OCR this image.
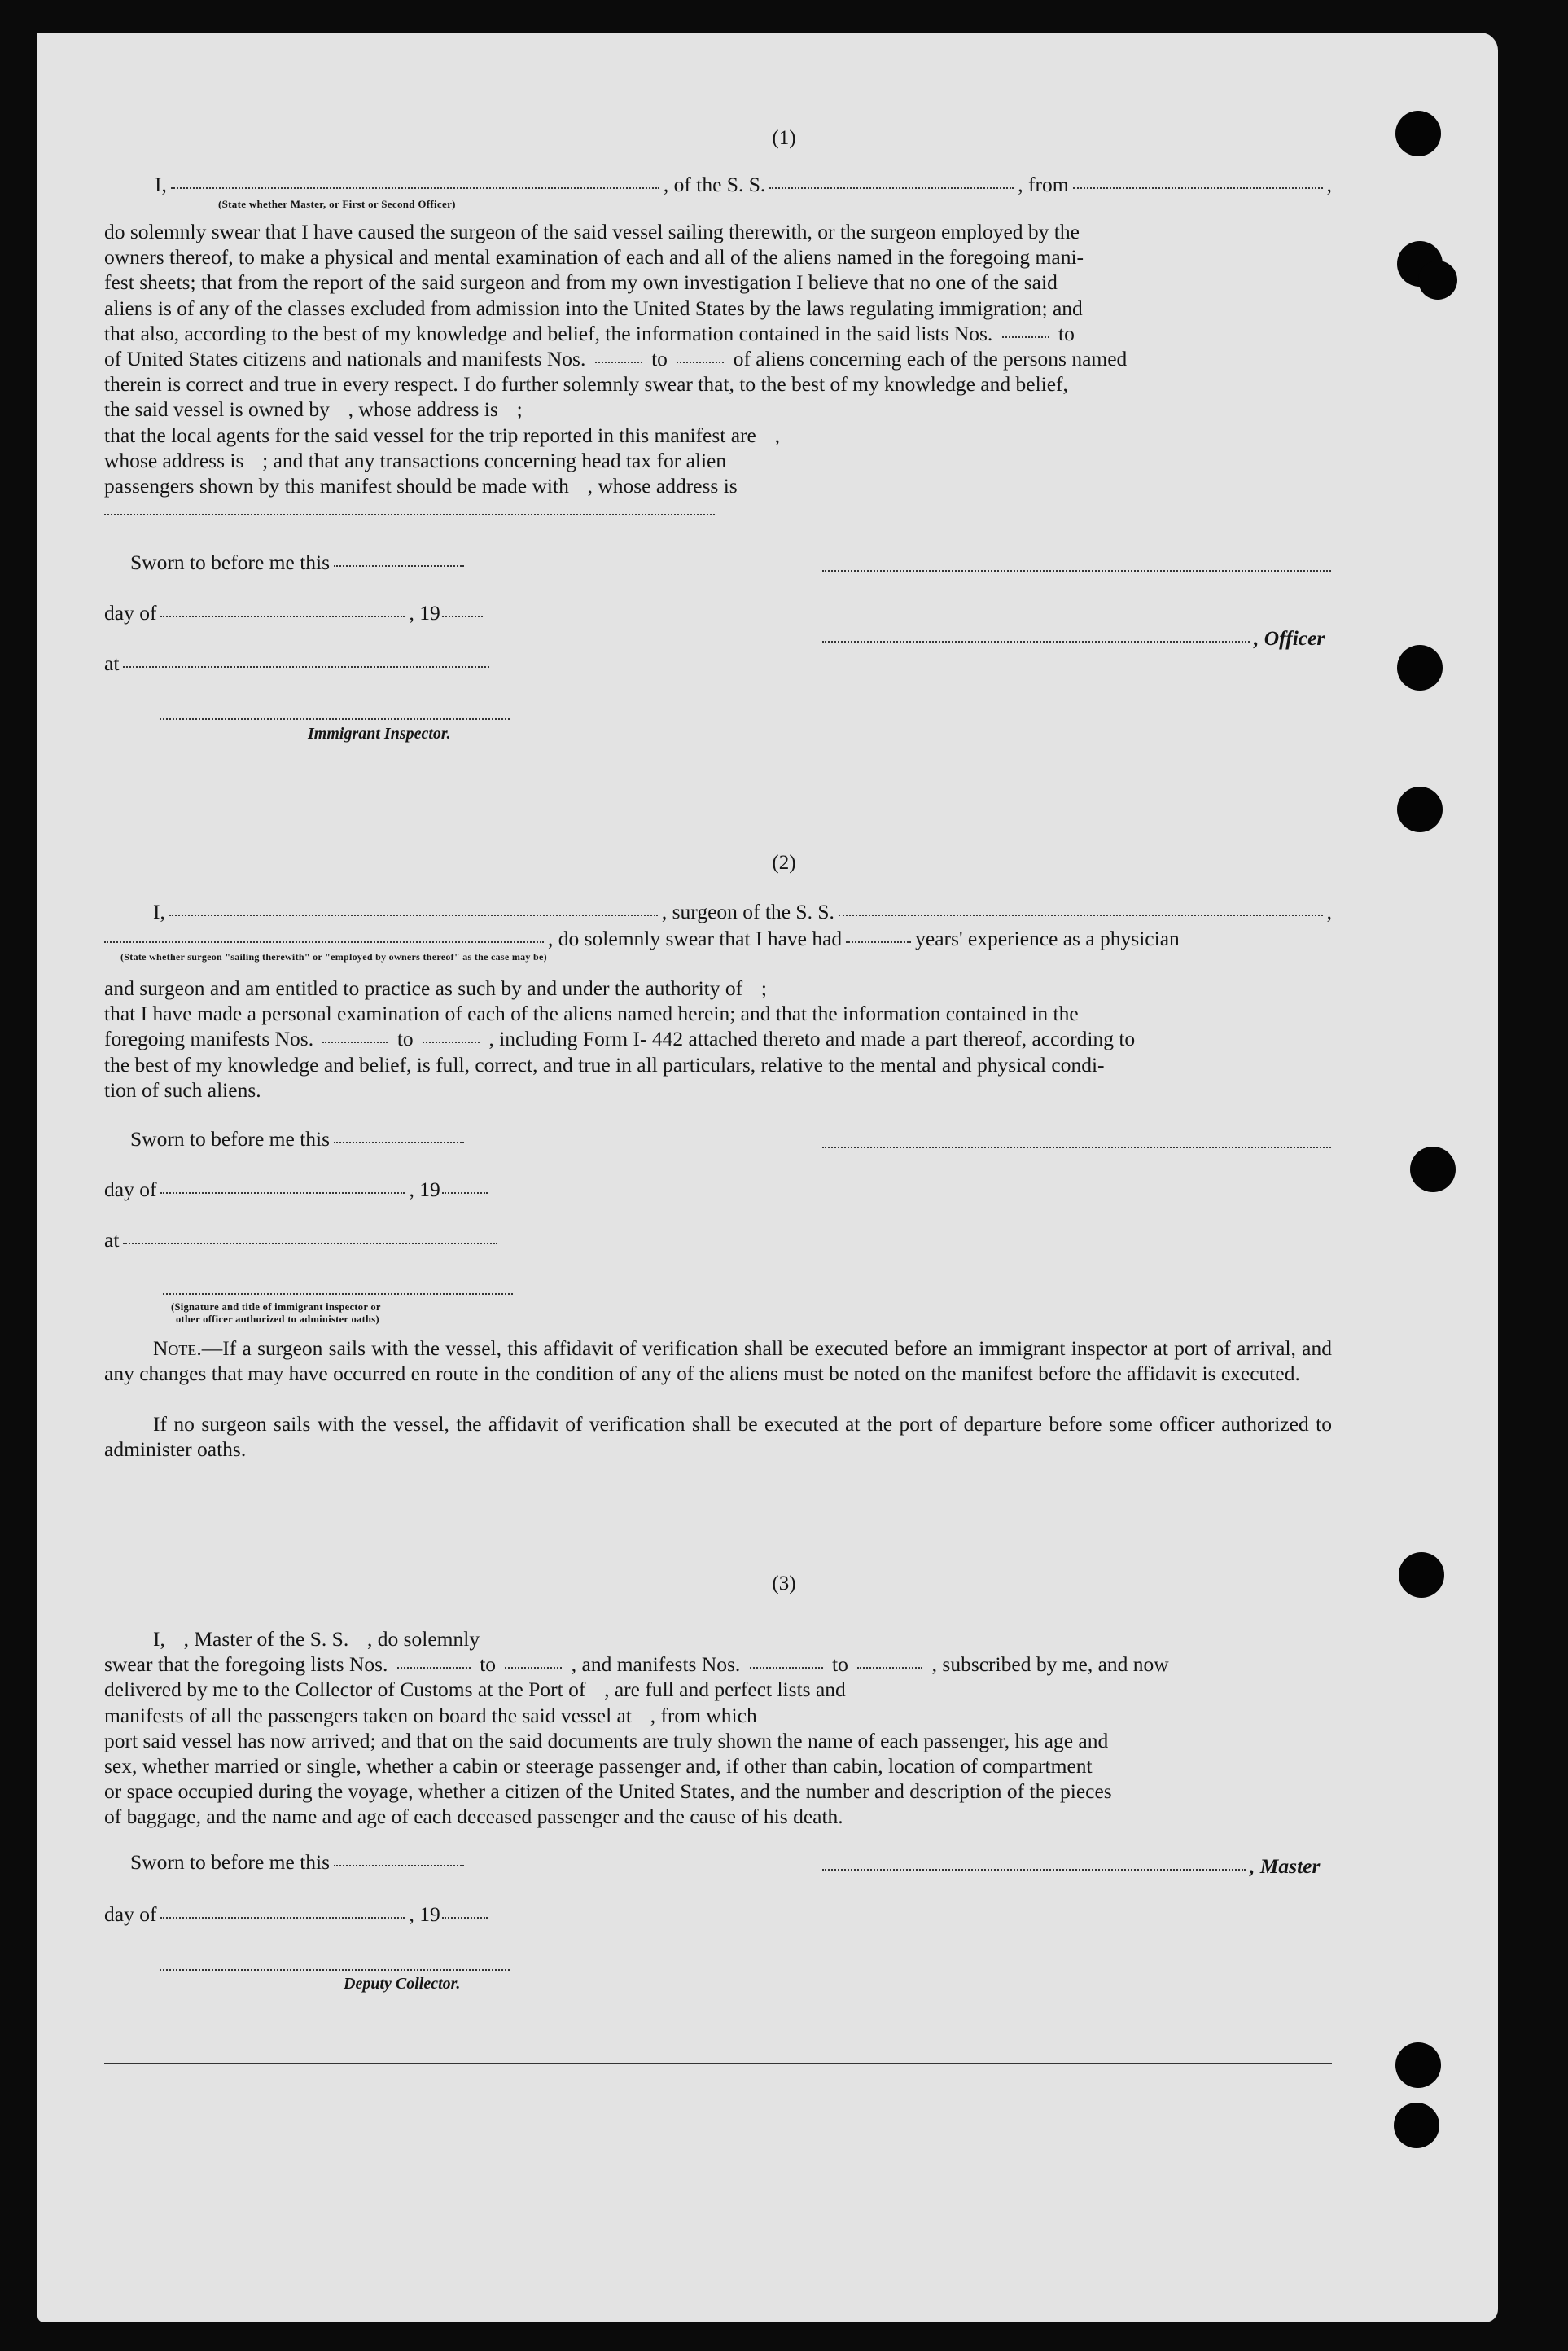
(1)
I,	, of the S. S.	, from	,
(State whether Master, or First or Second Officer)
do solemnly swear that I have caused the surgeon of the said vessel sailing therewith, or the surgeon employed by the
owners thereof, to make a physical and mental examination of each and all of the aliens named in the foregoing mani-
fest sheets; that from the report of the said surgeon and from my own investigation I believe that no one of the said
aliens is of any of the classes excluded from admission into the United States by the laws regulating immigration; and
that also, according to the best of my knowledge and belief, the information contained in the said lists Nos.	to
of United States citizens and nationals and manifests Nos.	to	of aliens concerning each of the persons named
therein is correct and true in every respect. I do further solemnly swear that, to the best of my knowledge and belief,
the said vessel is owned by , whose address is ;
that the local agents for the said vessel for the trip reported in this manifest are ,
whose address is ; and that any transactions concerning head tax for alien
passengers shown by this manifest should be made with , whose address is
Sworn to before me this
day of	, 19
, Officer
at
Immigrant Inspector.
(2)
I,	, surgeon of the S. S.	,
, do solemnly swear that I have had	years' experience as a physician
(State whether surgeon "sailing therewith" or "employed by owners thereof" as the case may be)
and surgeon and am entitled to practice as such by and under the authority of ;
that I have made a personal examination of each of the aliens named herein; and that the information contained in the
foregoing manifests Nos.	to	, including Form I- 442 attached thereto and made a part thereof, according to
the best of my knowledge and belief, is full, correct, and true in all particulars, relative to the mental and physical condi-
tion of such aliens.
Sworn to before me this
day of	, 19
at
(Signature and title of immigrant inspector or
other officer authorized to administer oaths)
Note.—If a surgeon sails with the vessel, this affidavit of verification shall be executed before an immigrant inspector at port of arrival, and any changes that may have occurred en route in the condition of any of the aliens must be noted on the manifest before the affidavit is executed.
If no surgeon sails with the vessel, the affidavit of verification shall be executed at the port of departure before some officer authorized to administer oaths.
(3)
I, , Master of the S. S. , do solemnly
swear that the foregoing lists Nos.	to	, and manifests Nos.	to	, subscribed by me, and now
delivered by me to the Collector of Customs at the Port of , are full and perfect lists and
manifests of all the passengers taken on board the said vessel at , from which
port said vessel has now arrived; and that on the said documents are truly shown the name of each passenger, his age and
sex, whether married or single, whether a cabin or steerage passenger and, if other than cabin, location of compartment
or space occupied during the voyage, whether a citizen of the United States, and the number and description of the pieces
of baggage, and the name and age of each deceased passenger and the cause of his death.
Sworn to before me this	, Master
day of	, 19
Deputy Collector.
